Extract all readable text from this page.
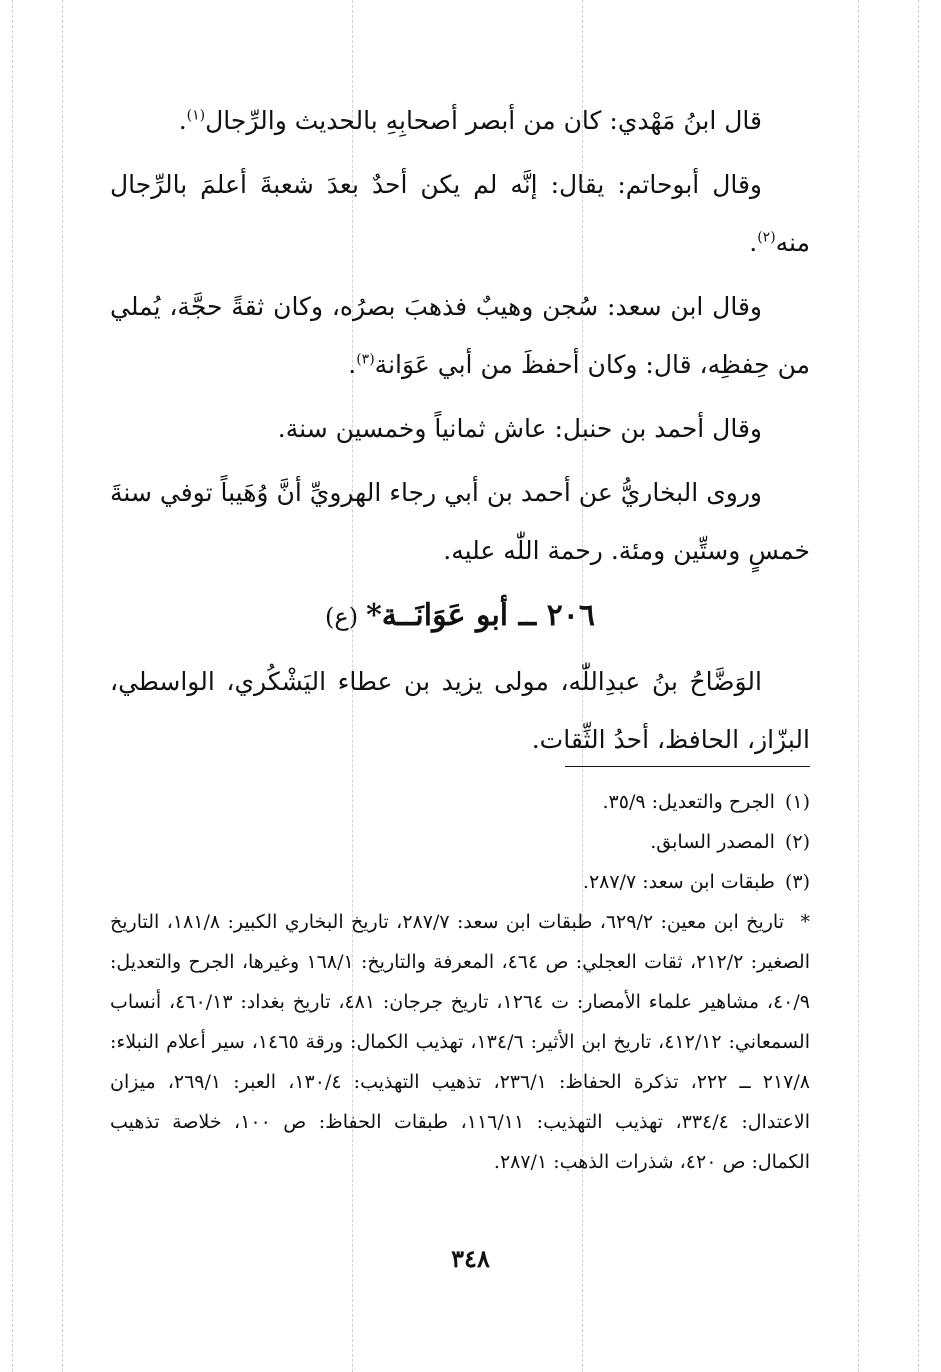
قال ابنُ مَهْدي: كان من أبصر أصحابِهِ بالحديث والرِّجال$^{(١)}$.

وقال أبوحاتم: يقال: إنَّه لم يكن أحدٌ بعدَ شعبةَ أعلمَ بالرِّجال منه$^{(٢)}$.

وقال ابن سعد: سُجن وهيبٌ فذهبَ بصرُه، وكان ثقةً حجَّة، يُملي من حِفظِه، قال: وكان أحفظَ من أبي عَوَانة$^{(٣)}$.

وقال أحمد بن حنبل: عاش ثمانياً وخمسين سنة.

وروى البخاريُّ عن أحمد بن أبي رجاء الهرويِّ أنَّ وُهَيباً توفي سنةَ خمسٍ وستِّين ومئة. رحمة اللّٰه عليه.

٢٠٦ ــ أبو عَوَانَــة*(ع)

الوَضَّاحُ بنُ عبدِاللّٰه، مولى يزيد بن عطاء اليَشْكُري، الواسطي، البزّاز، الحافظ، أحدُ الثِّقات.

(١)الجرح والتعديل: ٣٥/٩.

(٢)المصدر السابق.

(٣)طبقات ابن سعد: ٢٨٧/٧.

*تاريخ ابن معين: ٦٢٩/٢، طبقات ابن سعد: ٢٨٧/٧، تاريخ البخاري الكبير: ١٨١/٨، التاريخ الصغير: ٢١٢/٢، ثقات العجلي: ص ٤٦٤، المعرفة والتاريخ: ١٦٨/١ وغيرها، الجرح والتعديل: ٤٠/٩، مشاهير علماء الأمصار: ت ١٢٦٤، تاريخ جرجان: ٤٨١، تاريخ بغداد: ٤٦٠/١٣، أنساب السمعاني: ٤١٢/١٢، تاريخ ابن الأثير: ١٣٤/٦، تهذيب الكمال: ورقة ١٤٦٥، سير أعلام النبلاء: ٢١٧/٨ ــ ٢٢٢، تذكرة الحفاظ: ٢٣٦/١، تذهيب التهذيب: ١٣٠/٤، العبر: ٢٦٩/١، ميزان الاعتدال: ٣٣٤/٤، تهذيب التهذيب: ١١٦/١١، طبقات الحفاظ: ص ١٠٠، خلاصة تذهيب الكمال: ص ٤٢٠، شذرات الذهب: ٢٨٧/١.

٣٤٨
